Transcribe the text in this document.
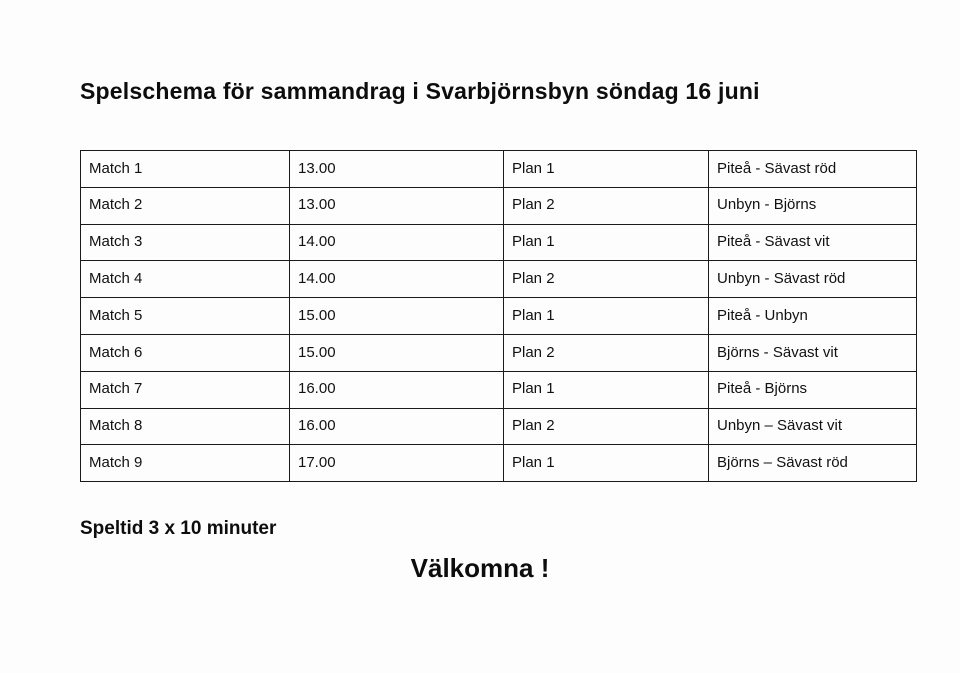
Spelschema för sammandrag i Svarbjörnsbyn söndag 16 juni
Match 1	13.00	Plan 1	Piteå - Sävast röd
Match 2	13.00	Plan 2	Unbyn - Björns
Match 3	14.00	Plan 1	Piteå - Sävast vit
Match 4	14.00	Plan 2	Unbyn - Sävast röd
Match 5	15.00	Plan 1	Piteå - Unbyn
Match 6	15.00	Plan 2	Björns - Sävast vit
Match 7	16.00	Plan 1	Piteå - Björns
Match 8	16.00	Plan 2	Unbyn – Sävast vit
Match 9	17.00	Plan 1	Björns – Sävast röd
Speltid 3 x 10 minuter
Välkomna !
